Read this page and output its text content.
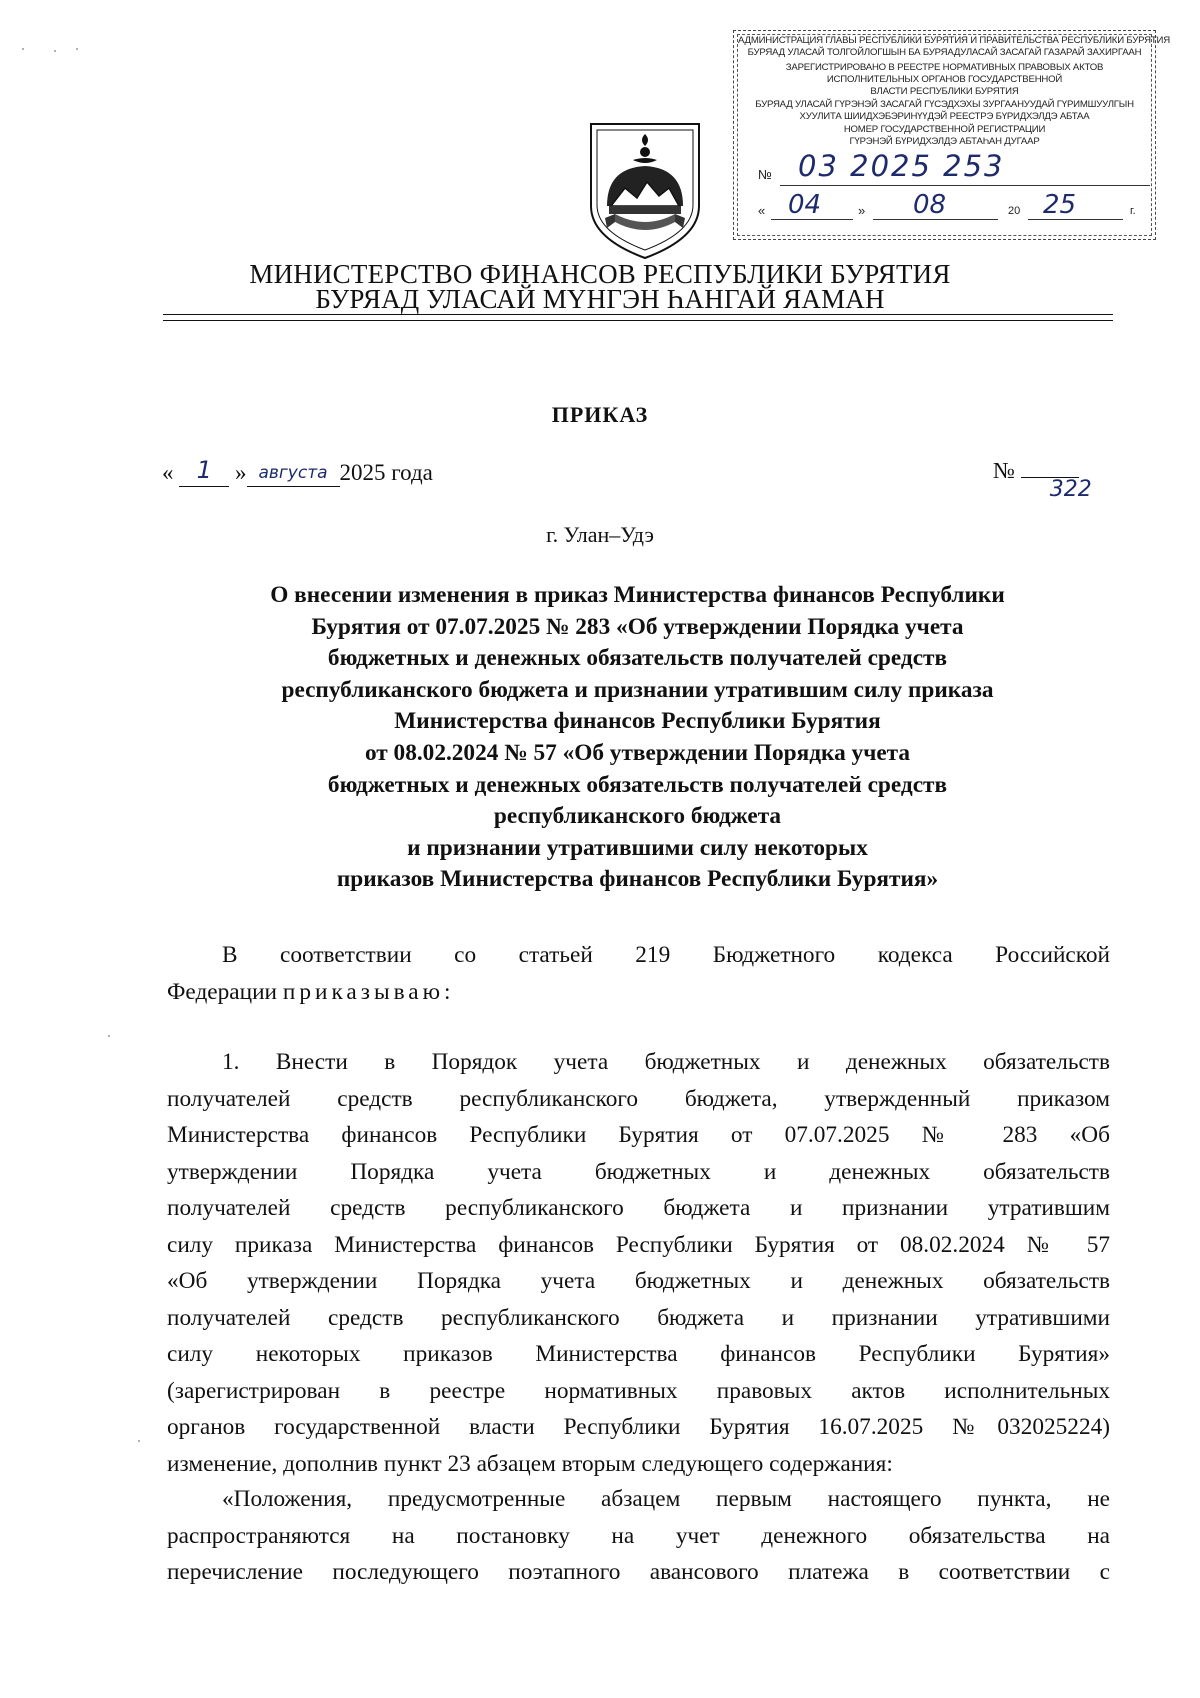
АДМИНИСТРАЦИЯ ГЛАВЫ РЕСПУБЛИКИ БУРЯТИЯ И ПРАВИТЕЛЬСТВА РЕСПУБЛИКИ БУРЯТИЯ
БУРЯАД УЛАСАЙ ТОЛГОЙЛОГШЫН БА БУРЯАДУЛАСАЙ ЗАСАГАЙ ГАЗАРАЙ ЗАХИРГААН
ЗАРЕГИСТРИРОВАНО В РЕЕСТРЕ НОРМАТИВНЫХ ПРАВОВЫХ АКТОВ
ИСПОЛНИТЕЛЬНЫХ ОРГАНОВ ГОСУДАРСТВЕННОЙ
ВЛАСТИ РЕСПУБЛИКИ БУРЯТИЯ
БУРЯАД УЛАСАЙ ГҮРЭНЭЙ ЗАСАГАЙ ГҮСЭДХЭХЫ ЗУРГААНУУДАЙ ГҮРИМШУУЛГЫН
ХУУЛИТА ШИИДХЭБЭРИНҮҮДЭЙ РЕЕСТРЭ БҮРИДХЭЛДЭ АБТАА
НОМЕР ГОСУДАРСТВЕННОЙ РЕГИСТРАЦИИ
ГҮРЭНЭЙ БҮРИДХЭЛДЭ АБТАҺАН ДУГААР
№ 03 2025 253
« 04	» 08	20 25	г.
МИНИСТЕРСТВО ФИНАНСОВ РЕСПУБЛИКИ БУРЯТИЯ
БУРЯАД УЛАСАЙ МҮНГЭН ҺАНГАЙ ЯАМАН
ПРИКАЗ
« 1 » августа 2025 года	№
322
г. Улан–Удэ
О внесении изменения в приказ Министерства финансов Республики
Бурятия от 07.07.2025 № 283 «Об утверждении Порядка учета
бюджетных и денежных обязательств получателей средств
республиканского бюджета и признании утратившим силу приказа
Министерства финансов Республики Бурятия
от 08.02.2024 № 57 «Об утверждении Порядка учета
бюджетных и денежных обязательств получателей средств
республиканского бюджета
и признании утратившими силу некоторых
приказов Министерства финансов Республики Бурятия»
В соответствии со статьей 219 Бюджетного кодекса Российской
Федерации приказываю:
1. Внести в Порядок учета бюджетных и денежных обязательств
получателей средств республиканского бюджета, утвержденный приказом
Министерства финансов Республики Бурятия от 07.07.2025 № 283 «Об
утверждении Порядка учета бюджетных и денежных обязательств
получателей средств республиканского бюджета и признании утратившим
силу приказа Министерства финансов Республики Бурятия от 08.02.2024 № 57
«Об утверждении Порядка учета бюджетных и денежных обязательств
получателей средств республиканского бюджета и признании утратившими
силу некоторых приказов Министерства финансов Республики Бурятия»
(зарегистрирован в реестре нормативных правовых актов исполнительных
органов государственной власти Республики Бурятия 16.07.2025 №032025224)
изменение, дополнив пункт 23 абзацем вторым следующего содержания:
«Положения, предусмотренные абзацем первым настоящего пункта, не
распространяются на постановку на учет денежного обязательства на
перечисление последующего поэтапного авансового платежа в соответствии с
